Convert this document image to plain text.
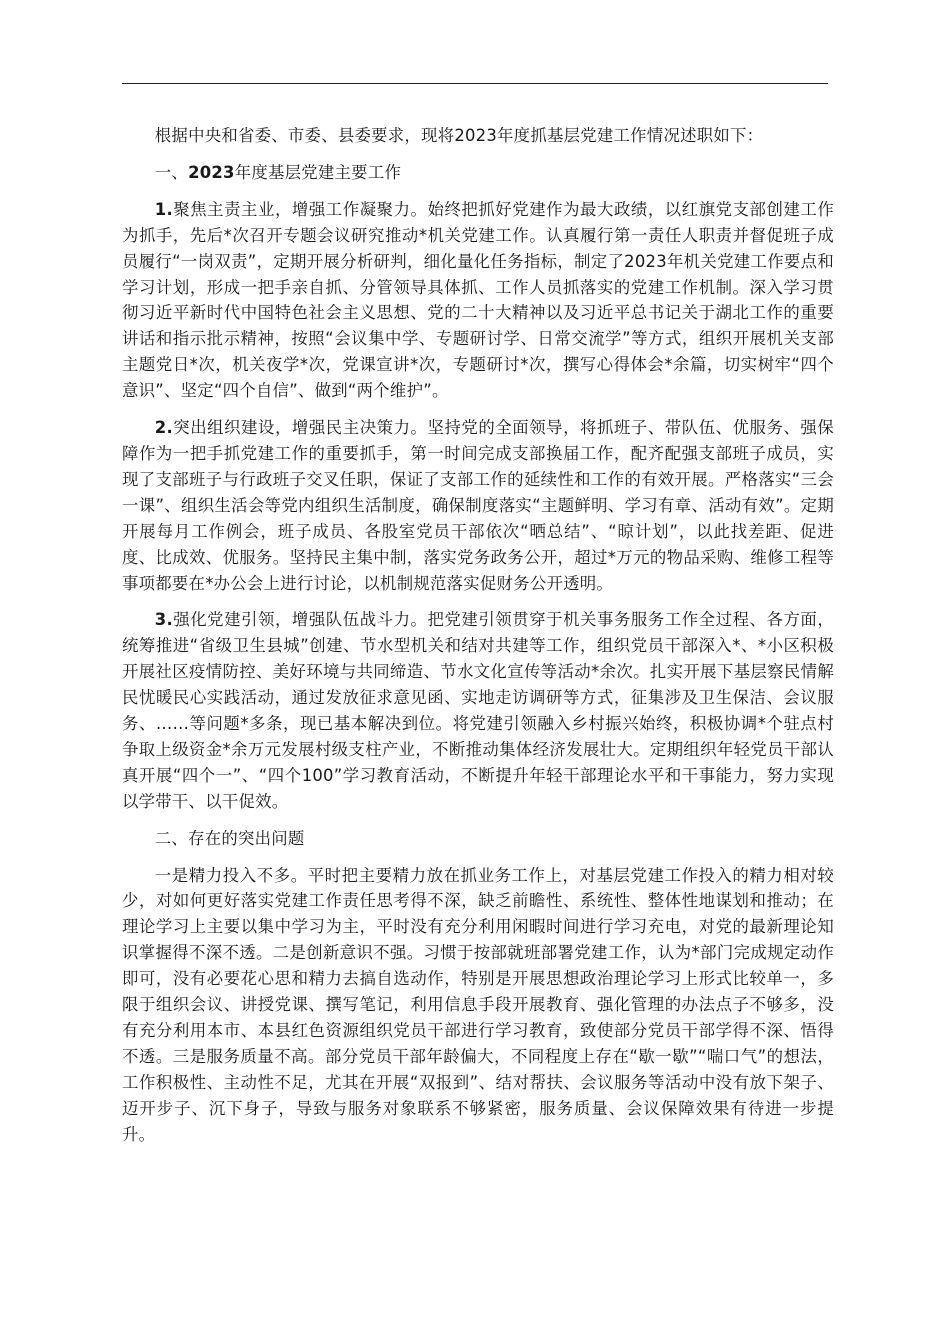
根据中央和省委、市委、县委要求，现将2023年度抓基层党建工作情况述职如下：

一、2023年度基层党建主要工作

1.聚焦主责主业，增强工作凝聚力。始终把抓好党建作为最大政绩，以红旗党支部创建工作为抓手，先后*次召开专题会议研究推动*机关党建工作。认真履行第一责任人职责并督促班子成员履行“一岗双责”，定期开展分析研判，细化量化任务指标，制定了2023年机关党建工作要点和学习计划，形成一把手亲自抓、分管领导具体抓、工作人员抓落实的党建工作机制。深入学习贯彻习近平新时代中国特色社会主义思想、党的二十大精神以及习近平总书记关于湖北工作的重要讲话和指示批示精神，按照“会议集中学、专题研讨学、日常交流学”等方式，组织开展机关支部主题党日*次，机关夜学*次，党课宣讲*次，专题研讨*次，撰写心得体会*余篇，切实树牢“四个意识”、坚定“四个自信”、做到“两个维护”。

2.突出组织建设，增强民主决策力。坚持党的全面领导，将抓班子、带队伍、优服务、强保障作为一把手抓党建工作的重要抓手，第一时间完成支部换届工作，配齐配强支部班子成员，实现了支部班子与行政班子交叉任职，保证了支部工作的延续性和工作的有效开展。严格落实“三会一课”、组织生活会等党内组织生活制度，确保制度落实“主题鲜明、学习有章、活动有效”。定期开展每月工作例会，班子成员、各股室党员干部依次“晒总结”、“晾计划”，以此找差距、促进度、比成效、优服务。坚持民主集中制，落实党务政务公开，超过*万元的物品采购、维修工程等事项都要在*办公会上进行讨论，以机制规范落实促财务公开透明。

3.强化党建引领，增强队伍战斗力。把党建引领贯穿于机关事务服务工作全过程、各方面，统筹推进“省级卫生县城”创建、节水型机关和结对共建等工作，组织党员干部深入*、*小区积极开展社区疫情防控、美好环境与共同缔造、节水文化宣传等活动*余次。扎实开展下基层察民情解民忧暖民心实践活动，通过发放征求意见函、实地走访调研等方式，征集涉及卫生保洁、会议服务、……等问题*多条，现已基本解决到位。将党建引领融入乡村振兴始终，积极协调*个驻点村争取上级资金*余万元发展村级支柱产业，不断推动集体经济发展壮大。定期组织年轻党员干部认真开展“四个一”、“四个100”学习教育活动，不断提升年轻干部理论水平和干事能力，努力实现以学带干、以干促效。

二、存在的突出问题

一是精力投入不多。平时把主要精力放在抓业务工作上，对基层党建工作投入的精力相对较少，对如何更好落实党建工作责任思考得不深，缺乏前瞻性、系统性、整体性地谋划和推动；在理论学习上主要以集中学习为主，平时没有充分利用闲暇时间进行学习充电，对党的最新理论知识掌握得不深不透。二是创新意识不强。习惯于按部就班部署党建工作，认为*部门完成规定动作即可，没有必要花心思和精力去搞自选动作，特别是开展思想政治理论学习上形式比较单一，多限于组织会议、讲授党课、撰写笔记，利用信息手段开展教育、强化管理的办法点子不够多，没有充分利用本市、本县红色资源组织党员干部进行学习教育，致使部分党员干部学得不深、悟得不透。三是服务质量不高。部分党员干部年龄偏大，不同程度上存在“歇一歇”“喘口气”的想法，工作积极性、主动性不足，尤其在开展“双报到”、结对帮扶、会议服务等活动中没有放下架子、迈开步子、沉下身子，导致与服务对象联系不够紧密，服务质量、会议保障效果有待进一步提升。
